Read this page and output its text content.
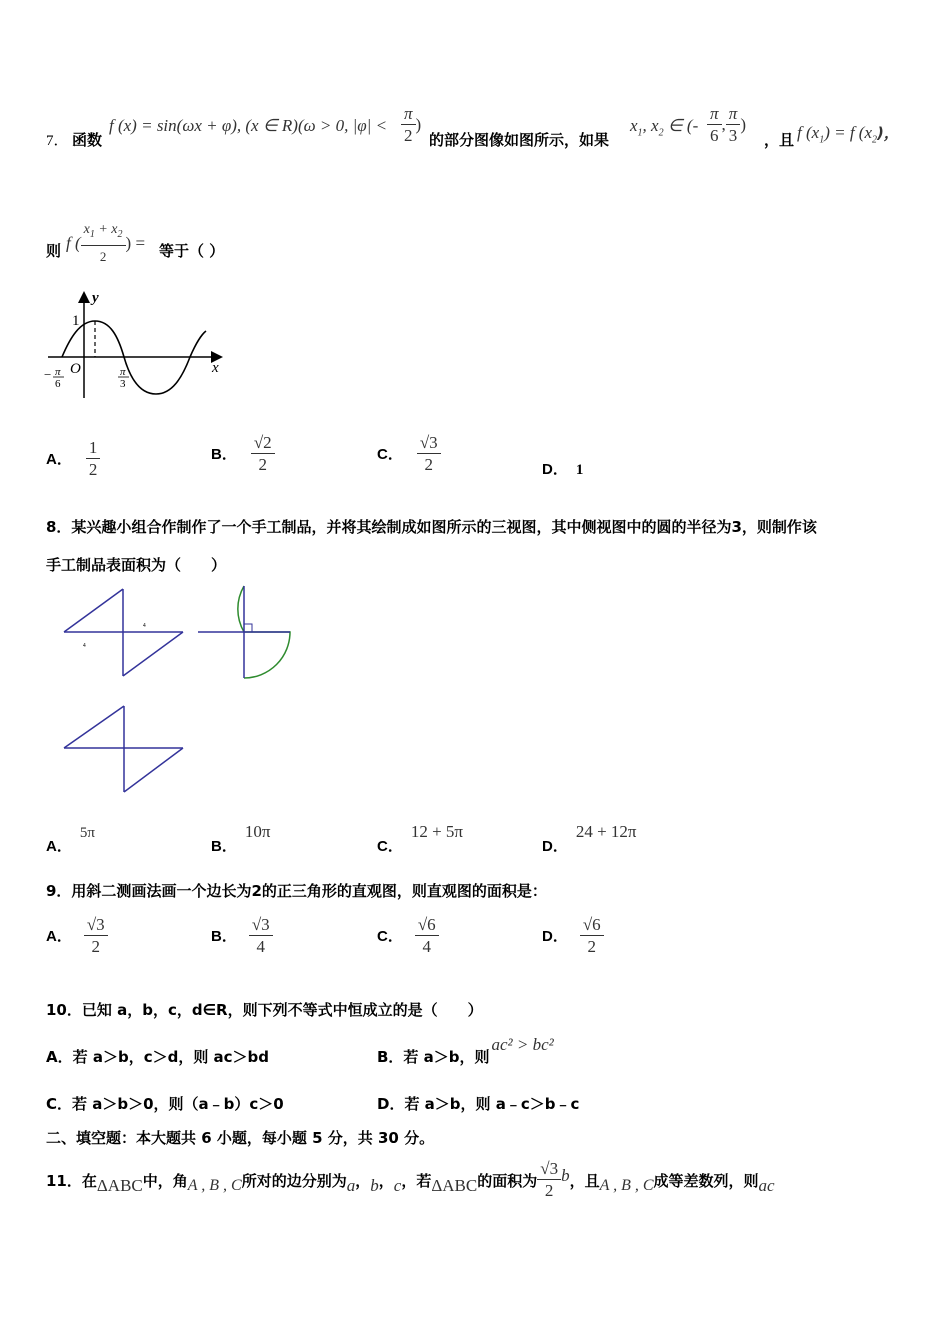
7． 函数
f (x) = sin(ωx + φ), (x ∈ R)(ω > 0, $|\varphi| < \frac{\pi}{2}$ )
的部分图像如图所示，如果
$x_1$, $x_2$ ∈ (- $\frac{\pi}{6}$ , $\frac{\pi}{3}$ )
，且 f $(x_1) = f$ $(x_2)$，
则 f ( $\frac{x_1 + x_2}{2}$ ) = 等于（ ）
y
x
1
O
− π
6
π
3
A． $\frac{1}{2}$	B． $\frac{√2}{2}$	C． $\frac{√3}{2}$	D． 1
8．某兴趣小组合作制作了一个手工制品，并将其绘制成如图所示的三视图，其中侧视图中的圆的半径为3，则制作该
手工制品表面积为（　　）
4
4
A．5π
B．10π
C．12 + 5π
D．24 + 12π
9．用斜二测画法画一个边长为2的正三角形的直观图，则直观图的面积是：
A． $\frac{√3}{2}$	B． $\frac{√3}{4}$	C． $\frac{√6}{4}$	D． $\frac{√6}{2}$
10．已知 a，b，c，d∈R，则下列不等式中恒成立的是（　　）
A．若 a＞b，c＞d，则 ac＞bd	B．若 a＞b，则ac² > bc²
C．若 a＞b＞0，则（a﹣b）c＞0	D．若 a＞b，则 a﹣c＞b﹣c
二、填空题：本大题共 6 小题，每小题 5 分，共 30 分。
11．在 ΔABC 中，角 A , B , C 所对的边分别为 a ， b ， c ，若 ΔABC 的面积为 $\frac{√3}{2}$ b ，且 A , B , C 成等差数列，则 ac
